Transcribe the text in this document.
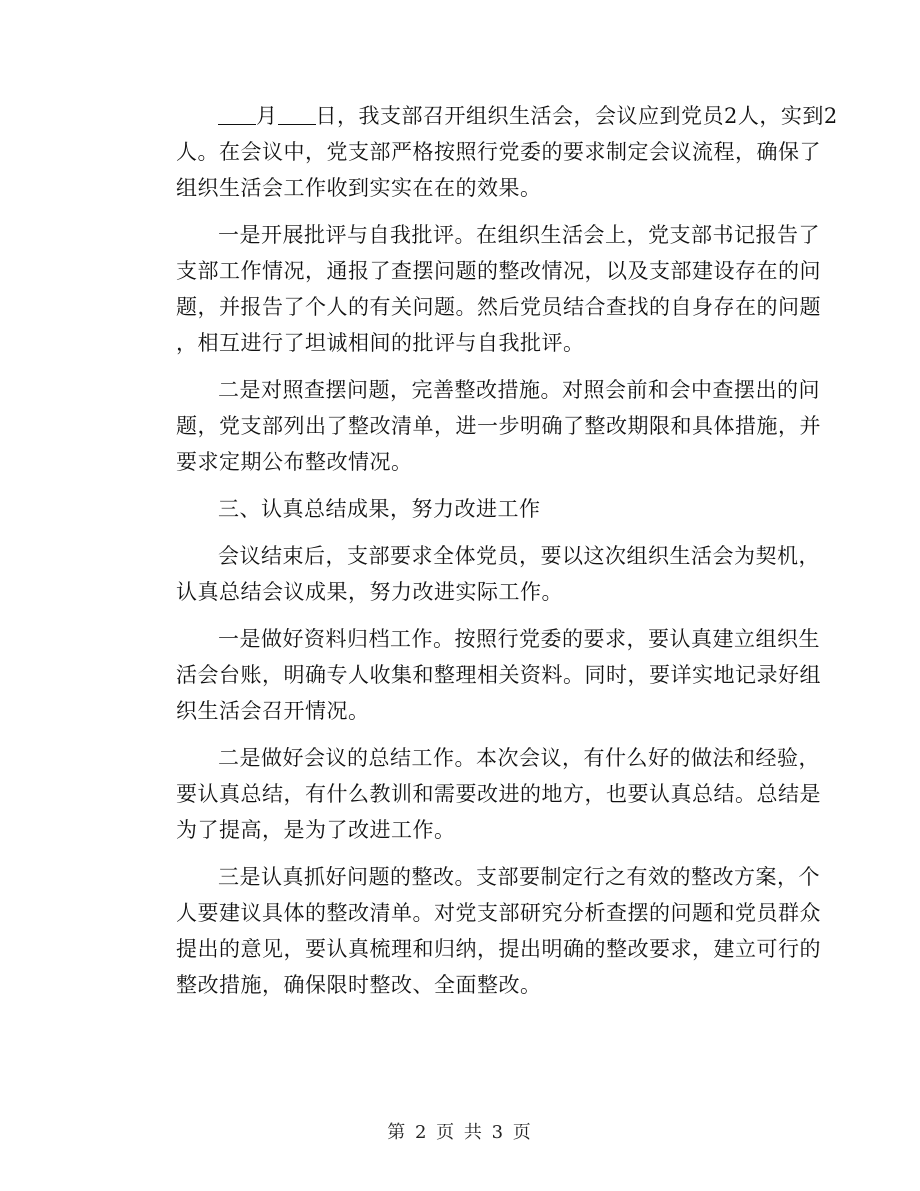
月 日，我支部召开组织生活会，会议应到党员2人，实到2
人。在会议中，党支部严格按照行党委的要求制定会议流程，确保了
组织生活会工作收到实实在在的效果。
一是开展批评与自我批评。在组织生活会上，党支部书记报告了
支部工作情况，通报了查摆问题的整改情况，以及支部建设存在的问
题，并报告了个人的有关问题。然后党员结合查找的自身存在的问题
，相互进行了坦诚相间的批评与自我批评。
二是对照查摆问题，完善整改措施。对照会前和会中查摆出的问
题，党支部列出了整改清单，进一步明确了整改期限和具体措施，并
要求定期公布整改情况。
三、认真总结成果，努力改进工作
会议结束后，支部要求全体党员，要以这次组织生活会为契机，
认真总结会议成果，努力改进实际工作。
一是做好资料归档工作。按照行党委的要求，要认真建立组织生
活会台账，明确专人收集和整理相关资料。同时，要详实地记录好组
织生活会召开情况。
二是做好会议的总结工作。本次会议，有什么好的做法和经验，
要认真总结，有什么教训和需要改进的地方，也要认真总结。总结是
为了提高，是为了改进工作。
三是认真抓好问题的整改。支部要制定行之有效的整改方案，个
人要建议具体的整改清单。对党支部研究分析查摆的问题和党员群众
提出的意见，要认真梳理和归纳，提出明确的整改要求，建立可行的
整改措施，确保限时整改、全面整改。
第 2 页 共 3 页
